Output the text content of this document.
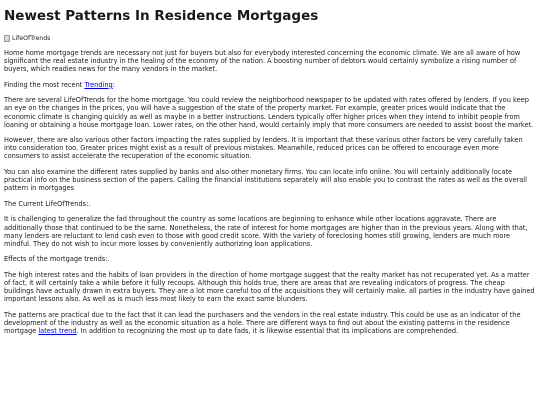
Newest Patterns In Residence Mortgages
LifeOfTrends

Home home mortgage trends are necessary not just for buyers but also for everybody interested concerning the economic climate. We are all aware of how significant the real estate industry in the healing of the economy of the nation. A boosting number of debtors would certainly symbolize a rising number of buyers, which readies news for the many vendors in the market.

Finding the most recent Trending:

There are several LifeOfTrends for the home mortgage. You could review the neighborhood newspaper to be updated with rates offered by lenders. If you keep an eye on the changes in the prices, you will have a suggestion of the state of the property market. For example, greater prices would indicate that the economic climate is changing quickly as well as maybe in a better instructions. Lenders typically offer higher prices when they intend to inhibit people from loaning or obtaining a house mortgage loan. Lower rates, on the other hand, would certainly imply that more consumers are needed to assist boost the market.

However, there are also various other factors impacting the rates supplied by lenders. It is important that these various other factors be very carefully taken into consideration too. Greater prices might exist as a result of previous mistakes. Meanwhile, reduced prices can be offered to encourage even more consumers to assist accelerate the recuperation of the economic situation.

You can also examine the different rates supplied by banks and also other monetary firms. You can locate info online. You will certainly additionally locate practical info on the business section of the papers. Calling the financial institutions separately will also enable you to contrast the rates as well as the overall pattern in mortgages

The Current LifeOfTrends:.

It is challenging to generalize the fad throughout the country as some locations are beginning to enhance while other locations aggravate. There are additionally those that continued to be the same. Nonetheless, the rate of interest for home mortgages are higher than in the previous years. Along with that, many lenders are reluctant to lend cash even to those with good credit score. With the variety of foreclosing homes still growing, lenders are much more mindful. They do not wish to incur more losses by conveniently authorizing loan applications.

Effects of the mortgage trends:.

The high interest rates and the habits of loan providers in the direction of home mortgage suggest that the realty market has not recuperated yet. As a matter of fact, it will certainly take a while before it fully recoups. Although this holds true, there are areas that are revealing indicators of progress. The cheap buildings have actually drawn in extra buyers. They are a lot more careful too of the acquisitions they will certainly make. all parties in the industry have gained important lessons also. As well as is much less most likely to earn the exact same blunders.

The patterns are practical due to the fact that it can lead the purchasers and the vendors in the real estate industry. This could be use as an indicator of the development of the industry as well as the economic situation as a hole. There are different ways to find out about the existing patterns in the residence mortgage latest trend. In addition to recognizing the most up to date fads, it is likewise essential that its implications are comprehended.
